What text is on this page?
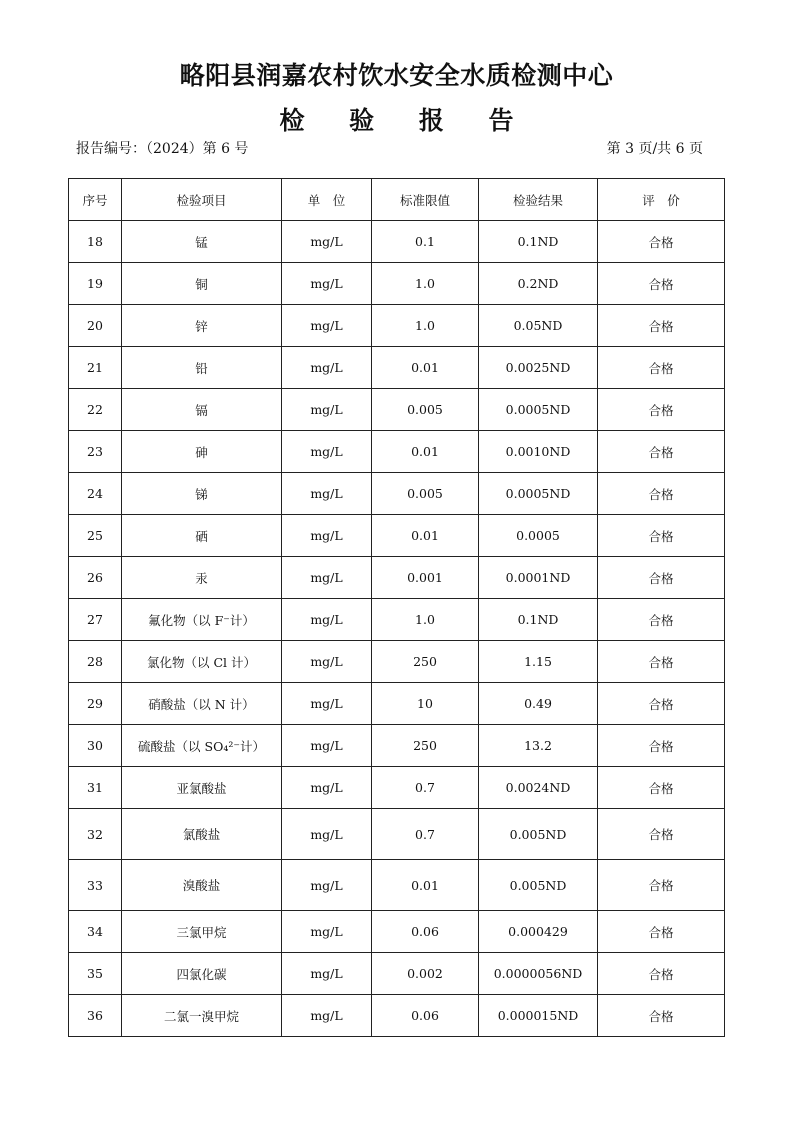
略阳县润嘉农村饮水安全水质检测中心
检 验 报 告
报告编号：（2024）第 6 号	第 3 页/共 6 页
序号	检验项目	单　位	标准限值	检验结果	评　价
18	锰	mg/L	0.1	0.1ND	合格
19	铜	mg/L	1.0	0.2ND	合格
20	锌	mg/L	1.0	0.05ND	合格
21	铅	mg/L	0.01	0.0025ND	合格
22	镉	mg/L	0.005	0.0005ND	合格
23	砷	mg/L	0.01	0.0010ND	合格
24	锑	mg/L	0.005	0.0005ND	合格
25	硒	mg/L	0.01	0.0005	合格
26	汞	mg/L	0.001	0.0001ND	合格
27	氟化物（以 F⁻计）	mg/L	1.0	0.1ND	合格
28	氯化物（以 Cl 计）	mg/L	250	1.15	合格
29	硝酸盐（以 N 计）	mg/L	10	0.49	合格
30	硫酸盐（以 SO₄²⁻计）	mg/L	250	13.2	合格
31	亚氯酸盐	mg/L	0.7	0.0024ND	合格
32	氯酸盐	mg/L	0.7	0.005ND	合格
33	溴酸盐	mg/L	0.01	0.005ND	合格
34	三氯甲烷	mg/L	0.06	0.000429	合格
35	四氯化碳	mg/L	0.002	0.0000056ND	合格
36	二氯一溴甲烷	mg/L	0.06	0.000015ND	合格
